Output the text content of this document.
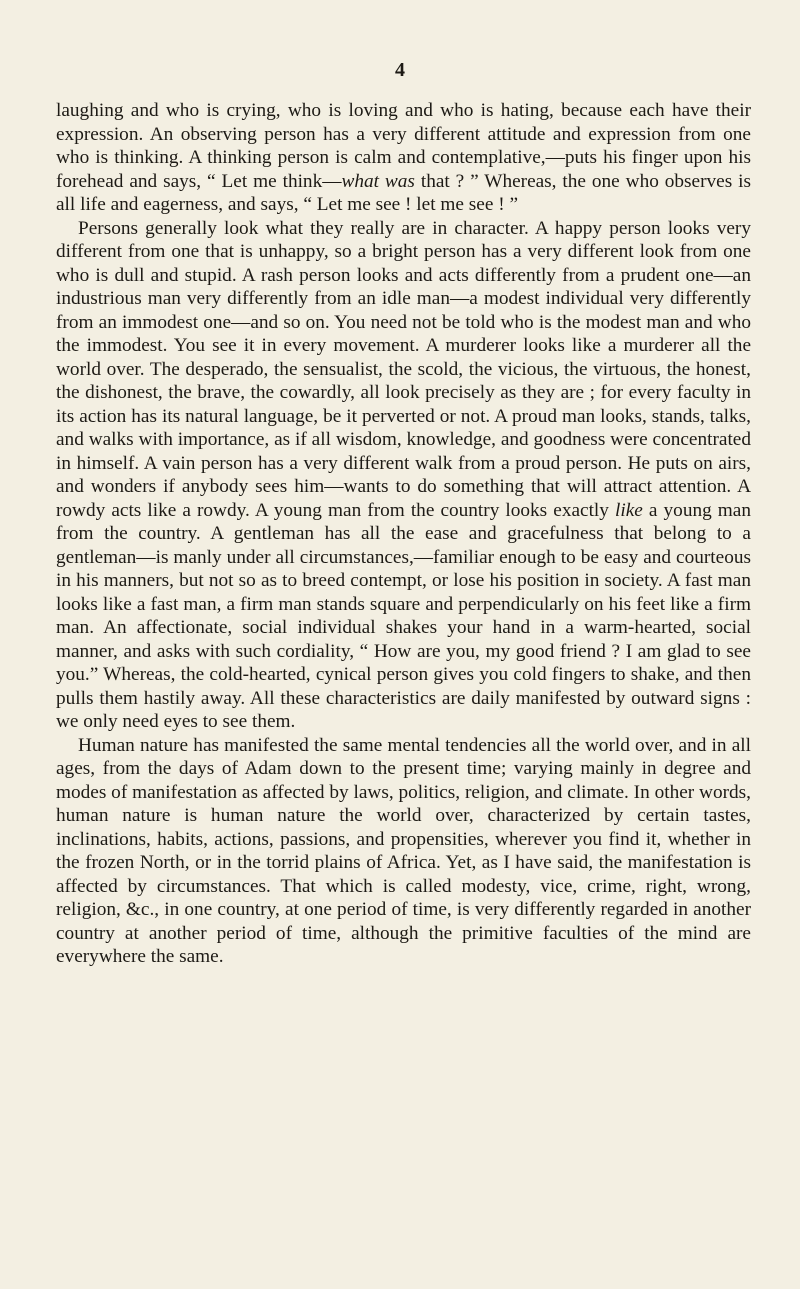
4

laughing and who is crying, who is loving and who is hating, because each have their expression. An observing person has a very different attitude and expression from one who is thinking. A thinking person is calm and contemplative,—puts his finger upon his forehead and says, “ Let me think—what was that ? ” Whereas, the one who observes is all life and eagerness, and says, “ Let me see ! let me see ! ”

Persons generally look what they really are in character. A happy person looks very different from one that is unhappy, so a bright person has a very different look from one who is dull and stupid. A rash person looks and acts differently from a prudent one—an industrious man very differently from an idle man—a modest individual very differently from an immodest one—and so on. You need not be told who is the modest man and who the immodest. You see it in every movement. A murderer looks like a murderer all the world over. The desperado, the sensualist, the scold, the vicious, the virtuous, the honest, the dishonest, the brave, the cowardly, all look precisely as they are ; for every faculty in its action has its natural language, be it perverted or not. A proud man looks, stands, talks, and walks with importance, as if all wisdom, knowledge, and goodness were concentrated in himself. A vain person has a very different walk from a proud person. He puts on airs, and wonders if anybody sees him—wants to do something that will attract attention. A rowdy acts like a rowdy. A young man from the country looks exactly like a young man from the country. A gentleman has all the ease and gracefulness that belong to a gentleman—is manly under all circumstances,—familiar enough to be easy and courteous in his manners, but not so as to breed contempt, or lose his position in society. A fast man looks like a fast man, a firm man stands square and perpendicularly on his feet like a firm man. An affectionate, social individual shakes your hand in a warm-hearted, social manner, and asks with such cordiality, “ How are you, my good friend ? I am glad to see you.” Whereas, the cold-hearted, cynical person gives you cold fingers to shake, and then pulls them hastily away. All these characteristics are daily manifested by outward signs : we only need eyes to see them.

Human nature has manifested the same mental tendencies all the world over, and in all ages, from the days of Adam down to the present time; varying mainly in degree and modes of manifestation as affected by laws, politics, religion, and climate. In other words, human nature is human nature the world over, characterized by certain tastes, inclinations, habits, actions, passions, and propensities, wherever you find it, whether in the frozen North, or in the torrid plains of Africa. Yet, as I have said, the manifestation is affected by circumstances. That which is called modesty, vice, crime, right, wrong, religion, &c., in one country, at one period of time, is very differently regarded in another country at another period of time, although the primitive faculties of the mind are everywhere the same.
